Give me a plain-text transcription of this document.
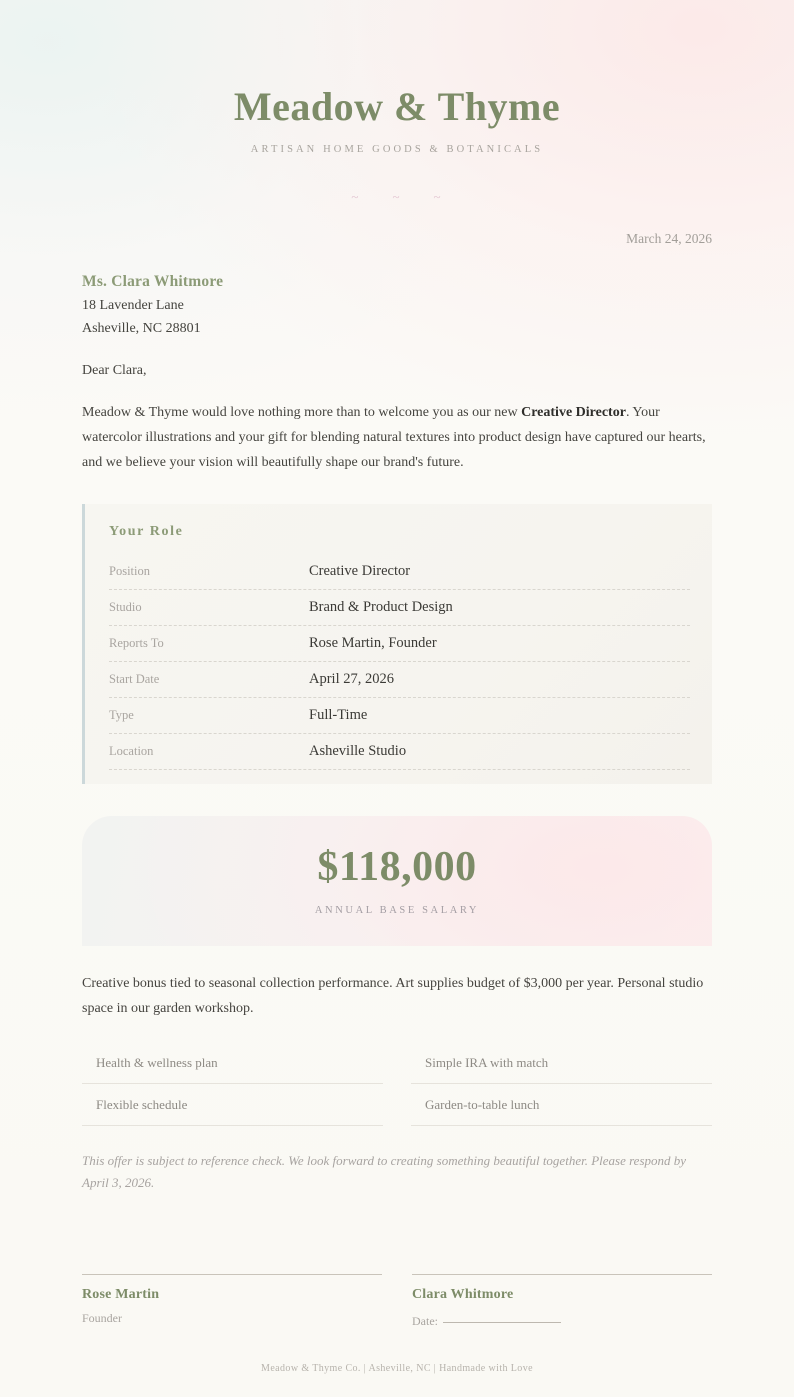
Meadow & Thyme
ARTISAN HOME GOODS & BOTANICALS
~ ~ ~
March 24, 2026
Ms. Clara Whitmore
18 Lavender Lane
Asheville, NC 28801
Dear Clara,

Meadow & Thyme would love nothing more than to welcome you as our new Creative Director. Your watercolor illustrations and your gift for blending natural textures into product design have captured our hearts, and we believe your vision will beautifully shape our brand's future.

Your Role
Position	Creative Director
Studio	Brand & Product Design
Reports To	Rose Martin, Founder
Start Date	April 27, 2026
Type	Full-Time
Location	Asheville Studio
$118,000
ANNUAL BASE SALARY

Creative bonus tied to seasonal collection performance. Art supplies budget of $3,000 per year. Personal studio space in our garden workshop.

Health & wellness plan	Simple IRA with match
Flexible schedule	Garden-to-table lunch

This offer is subject to reference check. We look forward to creating something beautiful together. Please respond by April 3, 2026.

Rose Martin
Founder
Clara Whitmore
Date:
Meadow & Thyme Co. | Asheville, NC | Handmade with Love
